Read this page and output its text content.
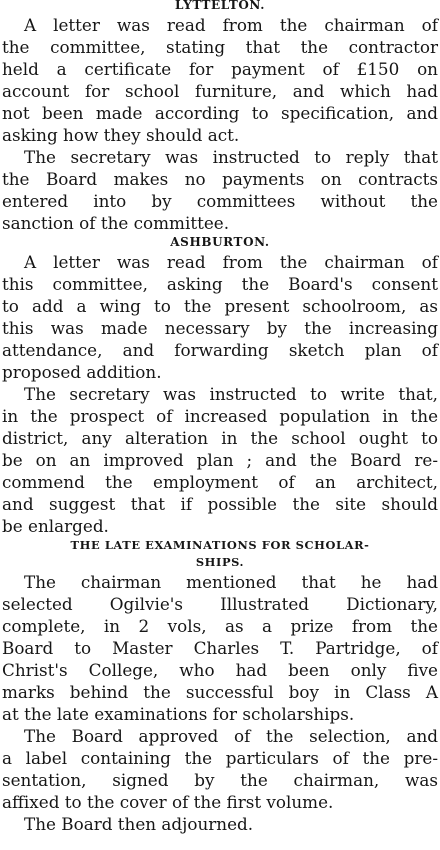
LYTTELTON.
A letter was read from the chairman of
the committee, stating that the contractor
held a certificate for payment of £150 on
account for school furniture, and which had
not been made according to specification, and
asking how they should act.
The secretary was instructed to reply that
the Board makes no payments on contracts
entered into by committees without the
sanction of the committee.
ASHBURTON.
A letter was read from the chairman of
this committee, asking the Board's consent
to add a wing to the present schoolroom, as
this was made necessary by the increasing
attendance, and forwarding sketch plan of
proposed addition.
The secretary was instructed to write that,
in the prospect of increased population in the
district, any alteration in the school ought to
be on an improved plan ; and the Board re-
commend the employment of an architect,
and suggest that if possible the site should
be enlarged.
THE LATE EXAMINATIONS FOR SCHOLAR-
SHIPS.
The chairman mentioned that he had
selected Ogilvie's Illustrated Dictionary,
complete, in 2 vols, as a prize from the
Board to Master Charles T. Partridge, of
Christ's College, who had been only five
marks behind the successful boy in Class A
at the late examinations for scholarships.
The Board approved of the selection, and
a label containing the particulars of the pre-
sentation, signed by the chairman, was
affixed to the cover of the first volume.
The Board then adjourned.
